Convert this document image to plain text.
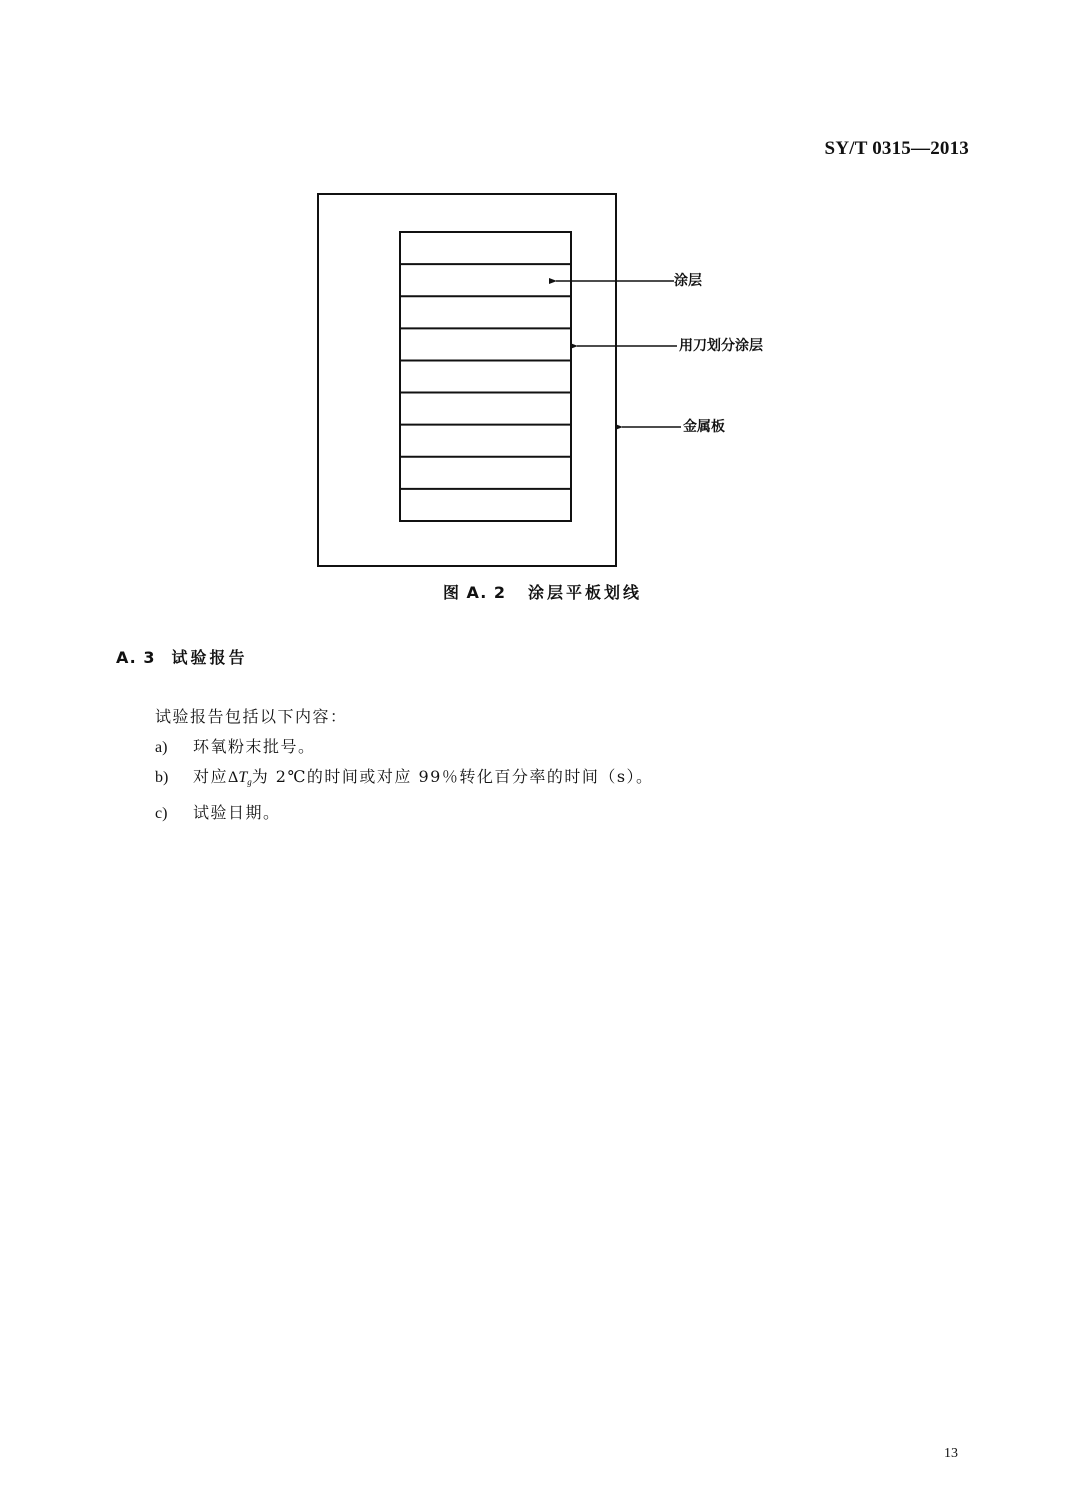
SY/T 0315—2013
涂层
用刀划分涂层
金属板
图 A. 2 涂层平板划线
A. 3 试验报告

试验报告包括以下内容：

a) 环氧粉末批号。

b) 对应$\Delta T_g$为 2℃的时间或对应 99％转化百分率的时间（s）。

c) 试验日期。

13
